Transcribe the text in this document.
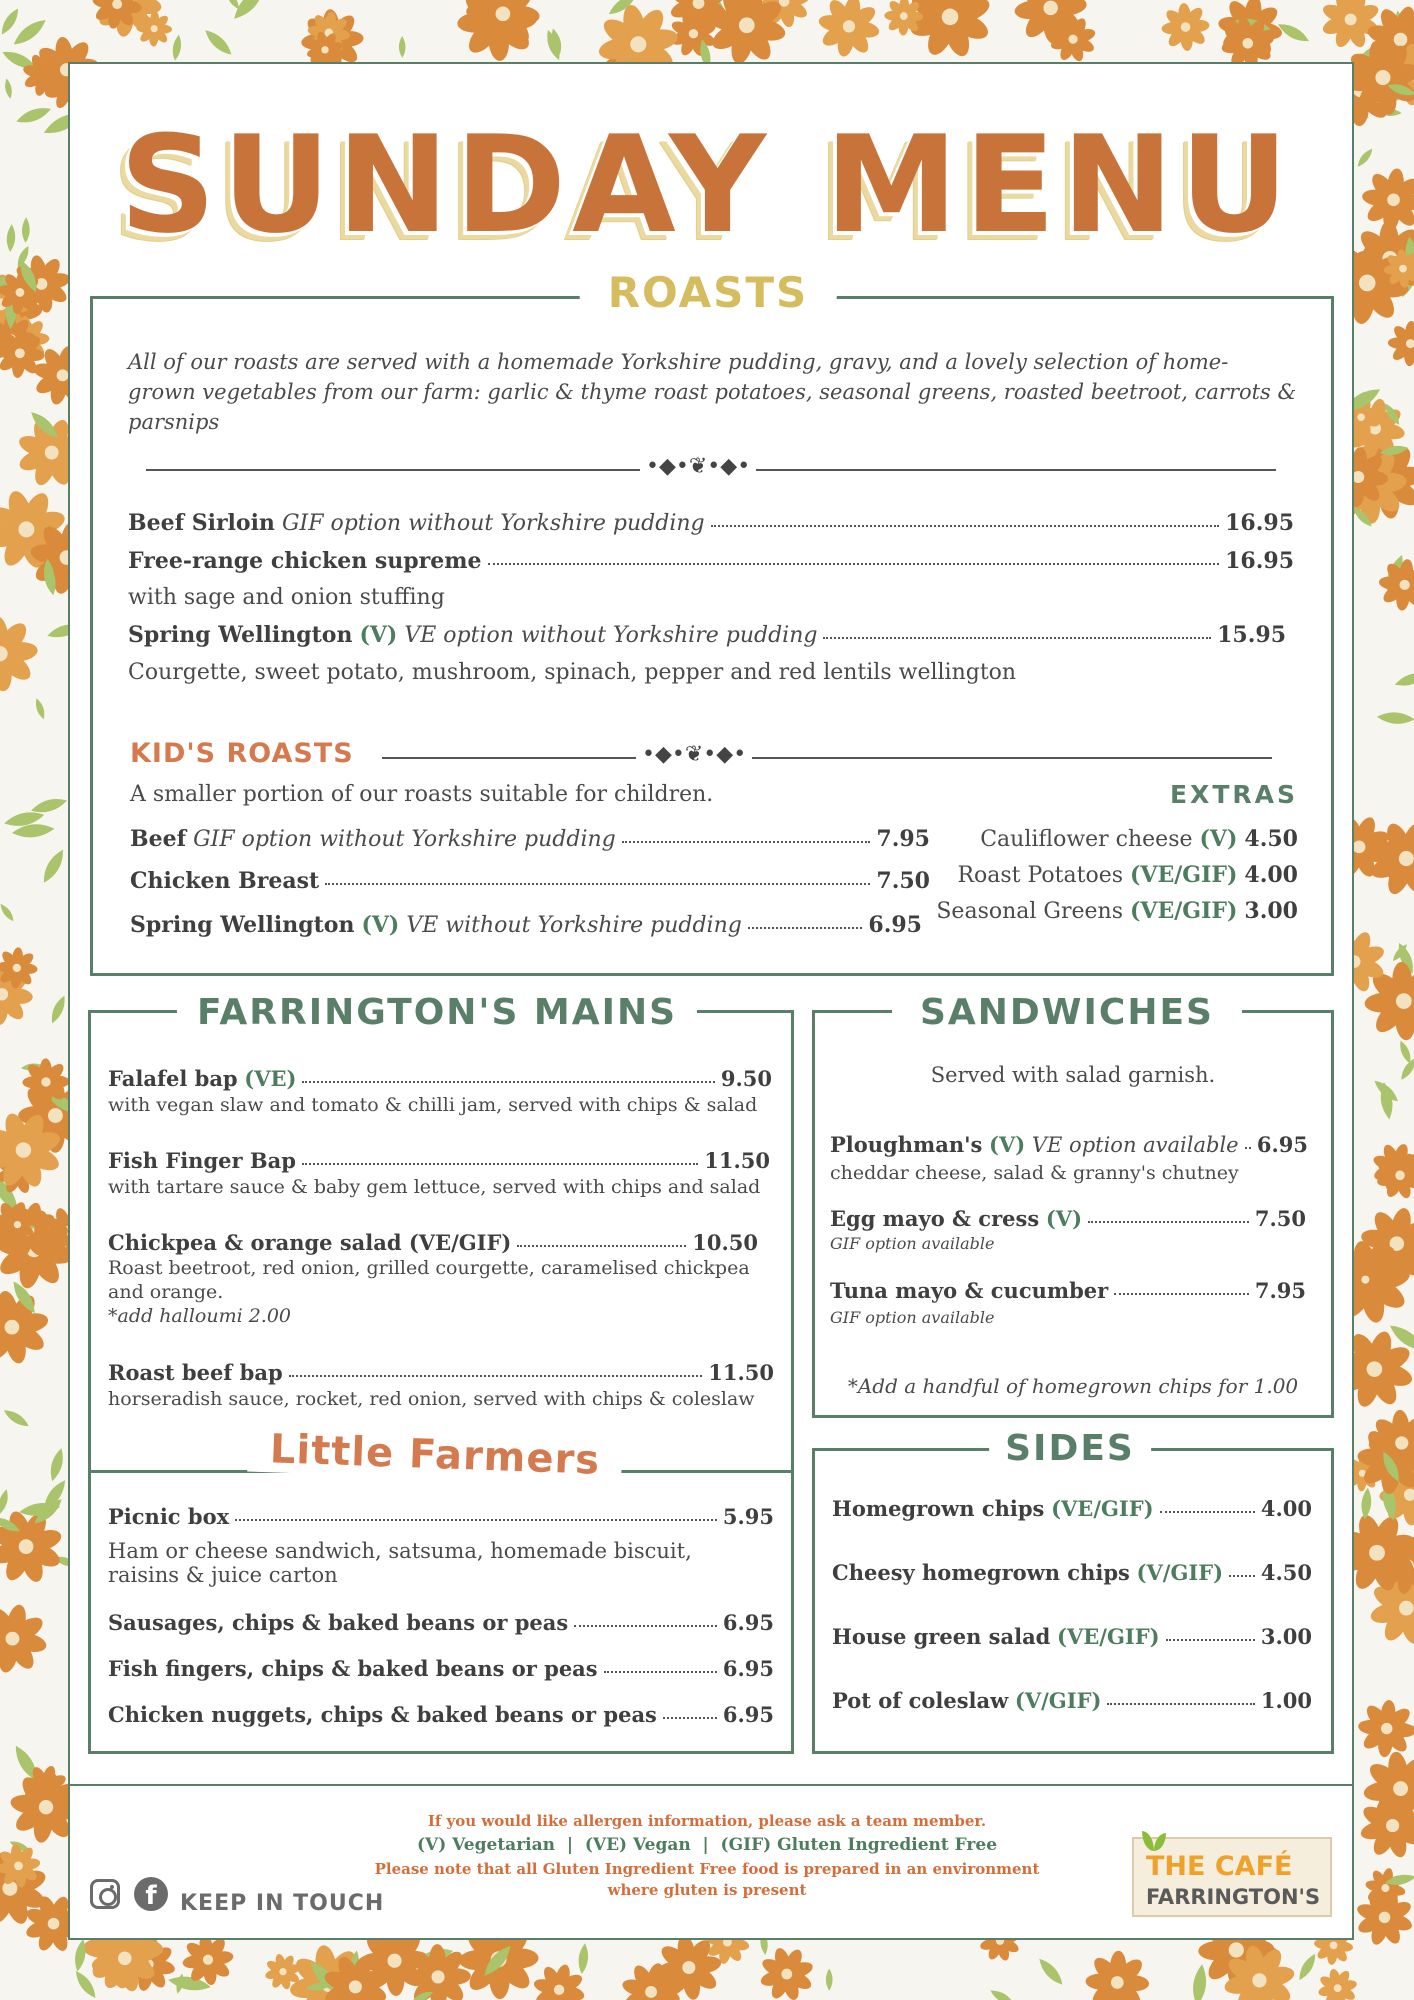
SUNDAY MENU
ROASTS
All of our roasts are served with a homemade Yorkshire pudding, gravy, and a lovely selection of home-
grown vegetables from our farm: garlic & thyme roast potatoes, seasonal greens, roasted beetroot, carrots &
parsnips
•◆•❦•◆•
Beef Sirloin
GIF option without Yorkshire pudding	16.95
Free-range chicken supreme	16.95
with sage and onion stuffing
Spring Wellington
(V)
VE option without Yorkshire pudding	15.95
Courgette, sweet potato, mushroom, spinach, pepper and red lentils wellington
KID'S ROASTS	•◆•❦•◆•
A smaller portion of our roasts suitable for children.
Beef
GIF option without Yorkshire pudding	7.95
Chicken Breast	7.50
Spring Wellington
(V)
VE without Yorkshire pudding	6.95
EXTRAS
Cauliflower cheese (V) 4.50
Roast Potatoes (VE/GIF) 4.00
Seasonal Greens (VE/GIF) 3.00
FARRINGTON'S MAINS
Falafel bap
(VE)	9.50
with vegan slaw and tomato & chilli jam, served with chips & salad
Fish Finger Bap	11.50
with tartare sauce & baby gem lettuce, served with chips and salad
Chickpea & orange salad (VE/GIF)	10.50
Roast beetroot, red onion, grilled courgette, caramelised chickpea
and orange.
*add halloumi 2.00
Roast beef bap	11.50
horseradish sauce, rocket, red onion, served with chips & coleslaw
Little Farmers
Picnic box	5.95
Ham or cheese sandwich, satsuma, homemade biscuit,
raisins & juice carton
Sausages, chips & baked beans or peas	6.95
Fish fingers, chips & baked beans or peas	6.95
Chicken nuggets, chips & baked beans or peas	6.95
SANDWICHES
Served with salad garnish.
Ploughman's
(V)
VE option available 6.95
cheddar cheese, salad & granny's chutney
Egg mayo & cress
(V)	7.50
GIF option available
Tuna mayo & cucumber	7.95
GIF option available
*Add a handful of homegrown chips for 1.00
SIDES
Homegrown chips
(VE/GIF)	4.00
Cheesy homegrown chips
(V/GIF) 4.50
House green salad
(VE/GIF)	3.00
Pot of coleslaw
(V/GIF)	1.00
If you would like allergen information, please ask a team member.
(V) Vegetarian  |  (VE) Vegan  |  (GIF) Gluten Ingredient Free
Please note that all Gluten Ingredient Free food is prepared in an environment
where gluten is present
f	KEEP IN TOUCH
THE CAFÉ
FARRINGTON'S
